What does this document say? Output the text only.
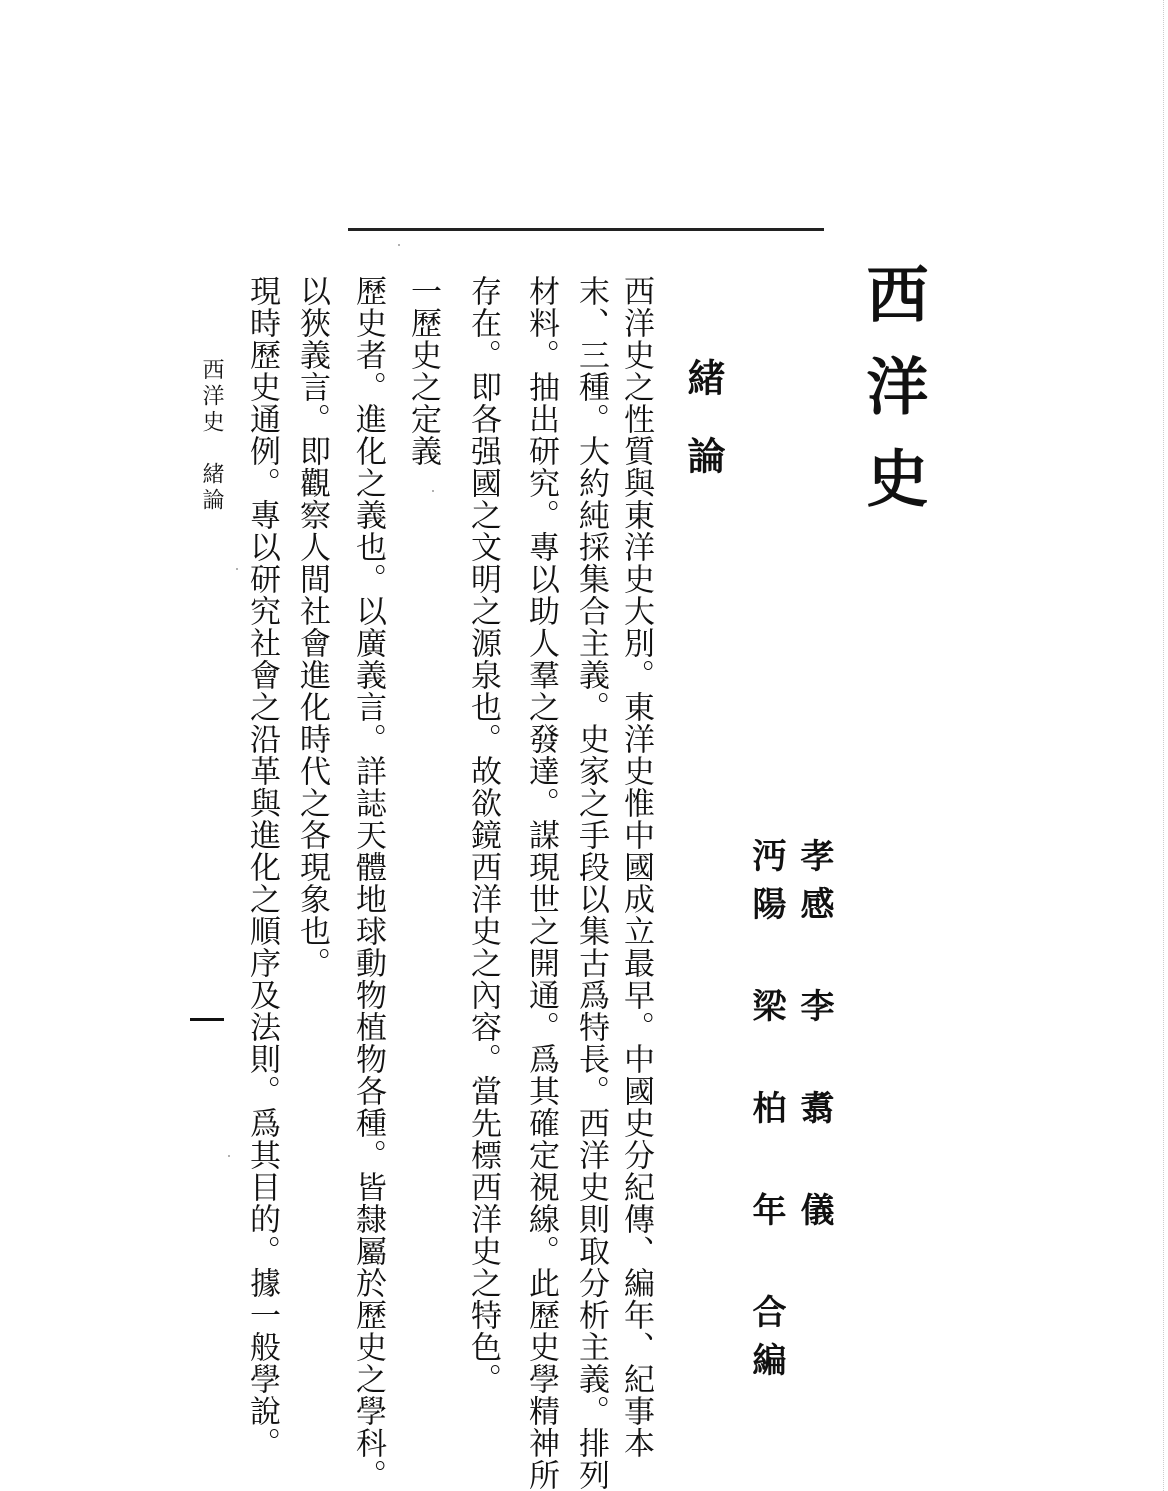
西洋史
孝感 李 翥 儀
沔陽 梁 柏 年 合編
緒論
西洋史之性質與東洋史大別。東洋史惟中國成立最早。中國史分紀傳、編年、紀事本
末、三種。大約純採集合主義。史家之手段以集古爲特長。西洋史則取分析主義。排列
材料。抽出研究。專以助人羣之發達。謀現世之開通。爲其確定視線。此歷史學精神所
存在。即各强國之文明之源泉也。故欲鏡西洋史之內容。當先標西洋史之特色。
一歷史之定義
歷史者。進化之義也。以廣義言。詳誌天體地球動物植物各種。皆隸屬於歷史之學科。
以狹義言。即觀察人間社會進化時代之各現象也。
現時歷史通例。專以研究社會之沿革與進化之順序及法則。爲其目的。據一般學說。
西洋史　緒論
